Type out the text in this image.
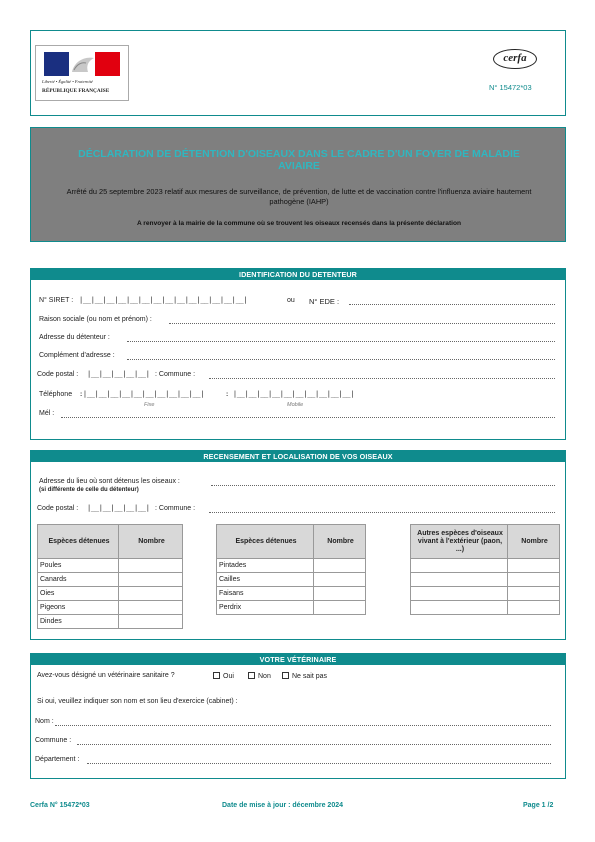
Liberté • Égalité • Fraternité
RÉPUBLIQUE FRANÇAISE
cerfa
N° 15472*03
DÉCLARATION DE DÉTENTION D'OISEAUX DANS LE CADRE D'UN FOYER DE MALADIE AVIAIRE
Arrêté du 25 septembre 2023 relatif aux mesures de surveillance, de prévention, de lutte et de vaccination contre l'influenza aviaire hautement pathogène (IAHP)
A renvoyer à la mairie de la commune où se trouvent les oiseaux recensés dans la présente déclaration
IDENTIFICATION DU DETENTEUR
N° SIRET : |__|__|__|__|__|__|__|__|__|__|__|__|__|__|	ou N° EDE :
Raison sociale (ou nom et prénom) :
Adresse du détenteur :
Complément d'adresse :
Code postal : |__|__|__|__|__| : Commune :
Téléphone :|__|__|__|__|__|__|__|__|__|__|	: |__|__|__|__|__|__|__|__|__|__|
Fixe	Mobile
Mél :
RECENSEMENT ET LOCALISATION DE VOS OISEAUX
Adresse du lieu où sont détenus les oiseaux :
(si différente de celle du détenteur)
Code postal : |__|__|__|__|__| : Commune :
Espèces détenues	Nombre
Poules	
Canards	
Oies	
Pigeons	
Dindes	
Espèces détenues	Nombre
Pintades	
Cailles	
Faisans	
Perdrix	
Autres espèces d'oiseaux vivant à l'extérieur (paon, ...)	Nombre

VOTRE VÉTÉRINAIRE
Avez-vous désigné un vétérinaire sanitaire ?	Oui	Non	Ne sait pas
Si oui, veuillez indiquer son nom et son lieu d'exercice (cabinet) :
Nom :
Commune :
Département :
Cerfa N° 15472*03	Date de mise à jour : décembre 2024	Page 1 /2
